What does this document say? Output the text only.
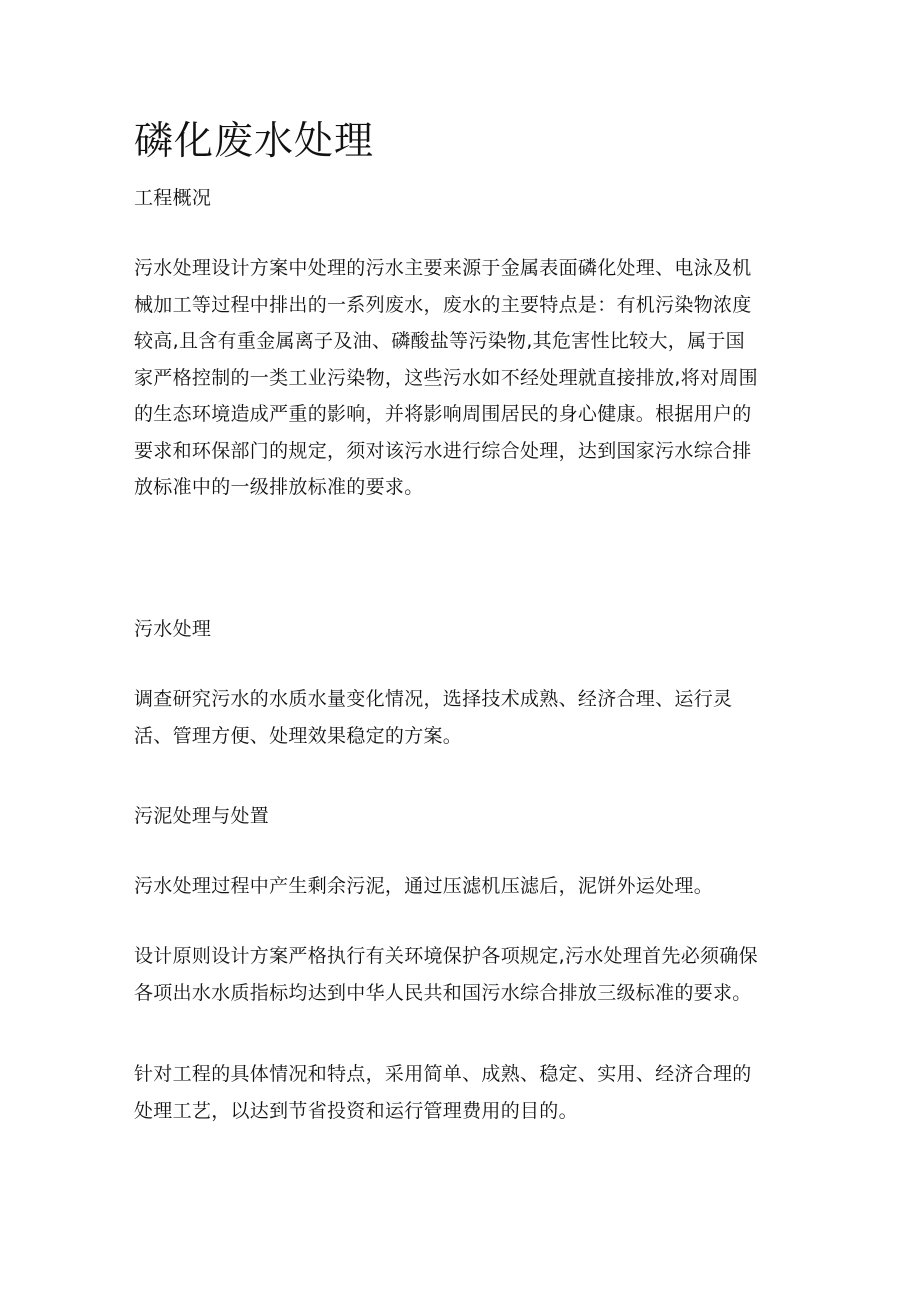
磷化废水处理

工程概况

污水处理设计方案中处理的污水主要来源于金属表面磷化处理、电泳及机
械加工等过程中排出的一系列废水，废水的主要特点是：有机污染物浓度
较高,且含有重金属离子及油、磷酸盐等污染物,其危害性比较大，属于国
家严格控制的一类工业污染物，这些污水如不经处理就直接排放,将对周围
的生态环境造成严重的影响，并将影响周围居民的身心健康。根据用户的
要求和环保部门的规定，须对该污水进行综合处理，达到国家污水综合排
放标准中的一级排放标准的要求。

污水处理

调查研究污水的水质水量变化情况，选择技术成熟、经济合理、运行灵
活、管理方便、处理效果稳定的方案。

污泥处理与处置

污水处理过程中产生剩余污泥，通过压滤机压滤后，泥饼外运处理。

设计原则设计方案严格执行有关环境保护各项规定,污水处理首先必须确保
各项出水水质指标均达到中华人民共和国污水综合排放三级标准的要求。

针对工程的具体情况和特点，采用简单、成熟、稳定、实用、经济合理的
处理工艺，以达到节省投资和运行管理费用的目的。
